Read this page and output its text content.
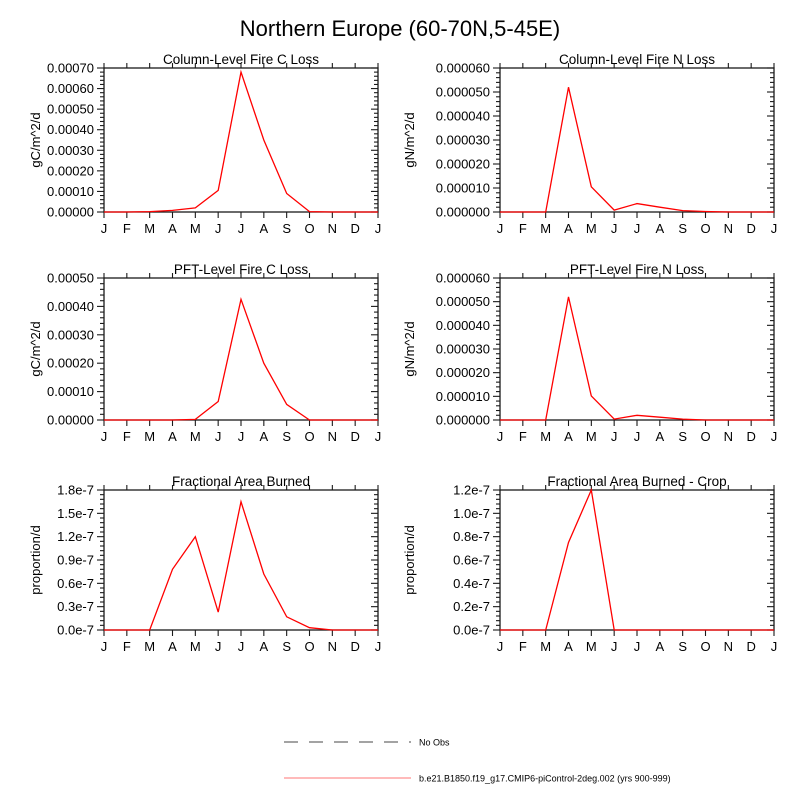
Northern Europe (60-70N,5-45E)
0.00000
0.00010
0.00020
0.00030
0.00040
0.00050
0.00060
0.00070
J F M A M J J A S O N D J
Column-Level Fire C Loss
gC/m^2/d
0.000000
0.000010
0.000020
0.000030
0.000040
0.000050
0.000060
J F M A M J J A S O N D J
Column-Level Fire N Loss
gN/m^2/d
0.00000
0.00010
0.00020
0.00030
0.00040
0.00050
J F M A M J J A S O N D J
PFT-Level Fire C Loss
gC/m^2/d
0.000000
0.000010
0.000020
0.000030
0.000040
0.000050
0.000060
J F M A M J J A S O N D J
PFT-Level Fire N Loss
gN/m^2/d
0.0e-7
0.3e-7
0.6e-7
0.9e-7
1.2e-7
1.5e-7
1.8e-7
J F M A M J J A S O N D J
Fractional Area Burned
proportion/d
0.0e-7
0.2e-7
0.4e-7
0.6e-7
0.8e-7
1.0e-7
1.2e-7
J F M A M J J A S O N D J
Fractional Area Burned - Crop
proportion/d
No Obs
b.e21.B1850.f19_g17.CMIP6-piControl-2deg.002 (yrs 900-999)
